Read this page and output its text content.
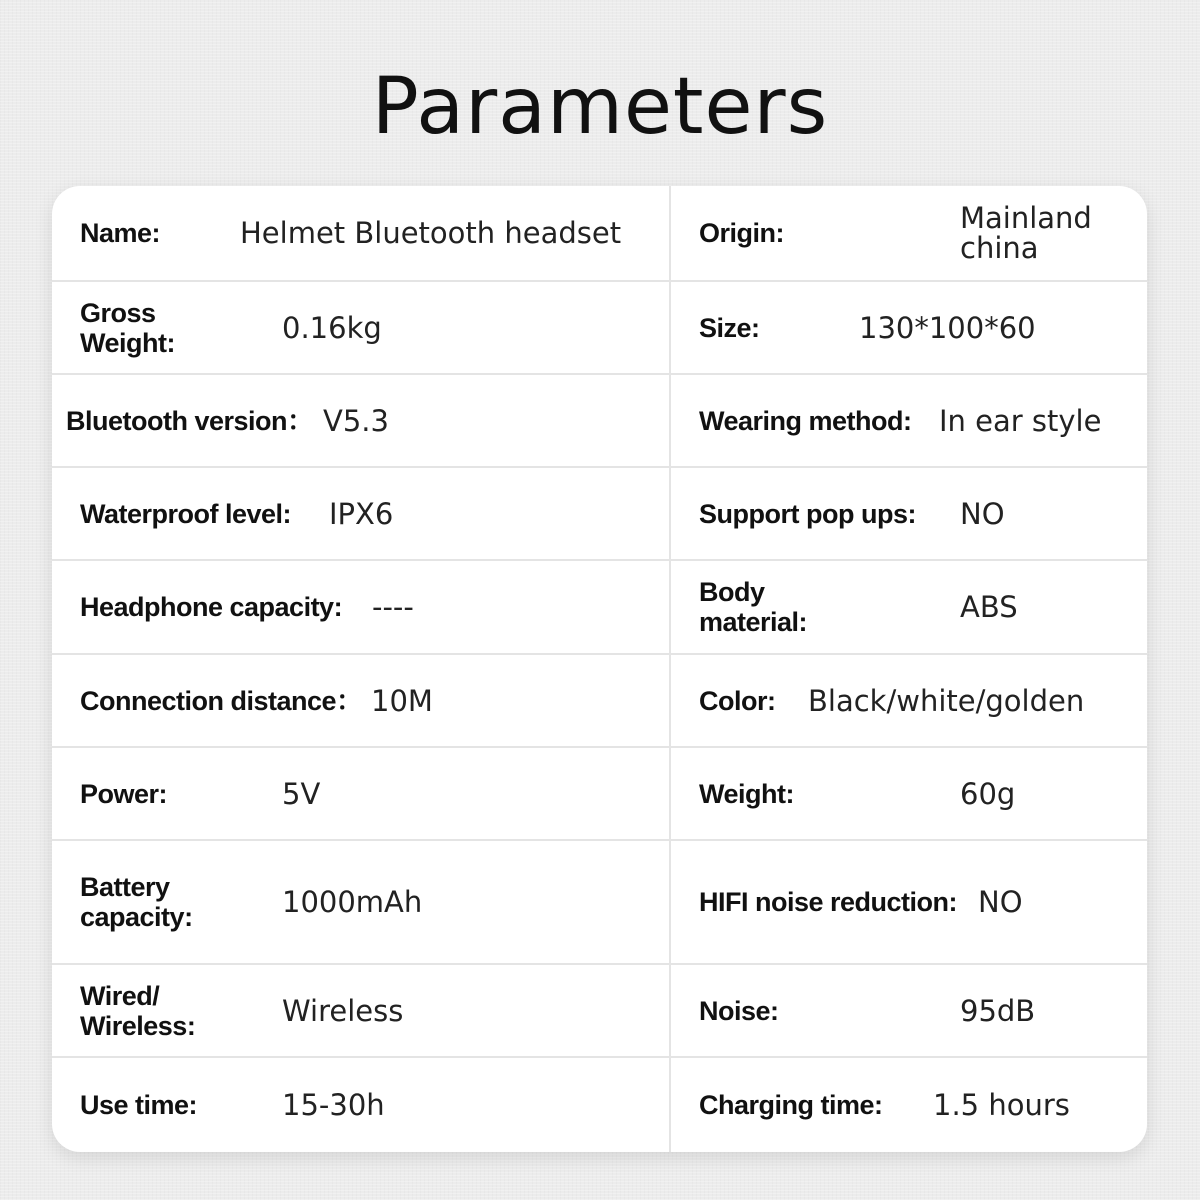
Parameters
Name:	Helmet Bluetooth headset	Origin:	Mainland china
Gross Weight:	0.16kg	Size:	130*100*60
Bluetooth version： V5.3	Wearing method: In ear style
Waterproof level: IPX6	Support pop ups: NO
Headphone capacity: ----	Body material:	ABS
Connection distance： 10M	Color: Black/white/golden
Power:	5V	Weight:	60g
Battery capacity:	1000mAh	HIFI noise reduction: NO
Wired/ Wireless:	Wireless	Noise:	95dB
Use time:	15-30h	Charging time: 1.5 hours
